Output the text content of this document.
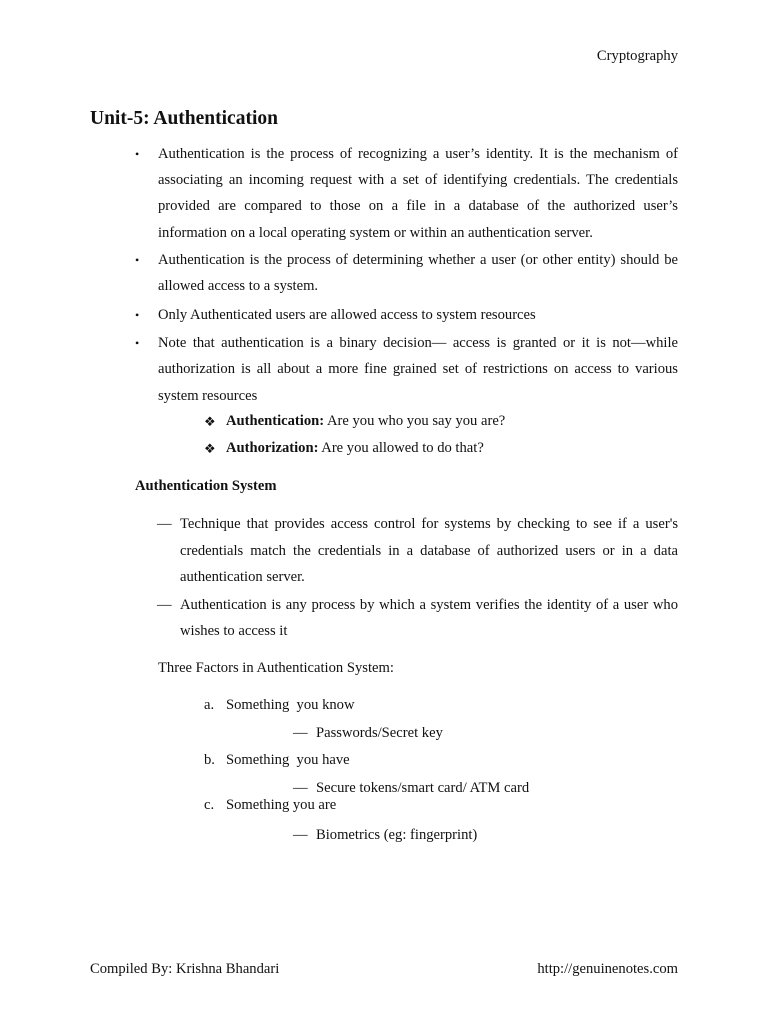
Cryptography
Unit-5: Authentication
• Authentication is the process of recognizing a user’s identity. It is the mechanism of
associating an incoming request with a set of identifying credentials. The credentials
provided are compared to those on a file in a database of the authorized user’s
information on a local operating system or within an authentication server.
• Authentication is the process of determining whether a user (or other entity) should be
allowed access to a system.
• Only Authenticated users are allowed access to system resources
• Note that authentication is a binary decision— access is granted or it is not—while
authorization is all about a more fine grained set of restrictions on access to various
system resources
❖ Authentication: Are you who you say you are?
❖ Authorization: Are you allowed to do that?
Authentication System
— Technique that provides access control for systems by checking to see if a user's
credentials match the credentials in a database of authorized users or in a data
authentication server.
— Authentication is any process by which a system verifies the identity of a user who
wishes to access it
Three Factors in Authentication System:
a. Something  you know
— Passwords/Secret key
b. Something  you have
— Secure tokens/smart card/ ATM card
c. Something you are
— Biometrics (eg: fingerprint)
Compiled By: Krishna Bhandari	http://genuinenotes.com
